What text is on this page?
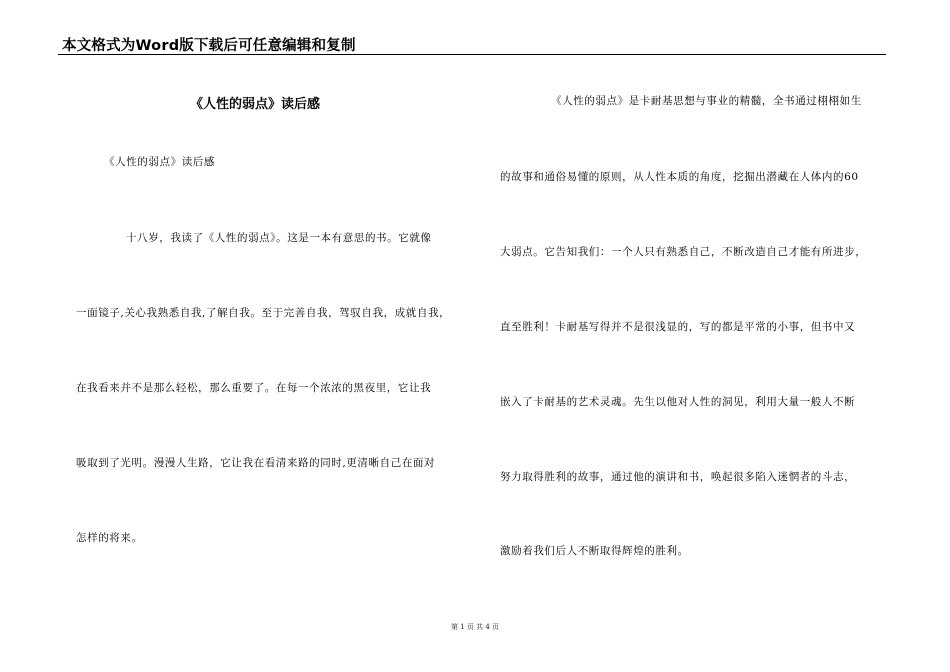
本文格式为Word版下载后可任意编辑和复制
《人性的弱点》读后感
《人性的弱点》读后感
十八岁，我读了《人性的弱点》。这是一本有意思的书。它就像
一面镜子,关心我熟悉自我,了解自我。至于完善自我，驾驭自我，成就自我，
在我看来并不是那么轻松，那么重要了。在每一个浓浓的黑夜里，它让我
吸取到了光明。漫漫人生路，它让我在看清来路的同时,更清晰自己在面对
怎样的将来。
《人性的弱点》是卡耐基思想与事业的精髓，全书通过栩栩如生
的故事和通俗易懂的原则，从人性本质的角度，挖掘出潜藏在人体内的60
大弱点。它告知我们：一个人只有熟悉自己，不断改造自己才能有所进步，
直至胜利！卡耐基写得并不是很浅显的，写的都是平常的小事，但书中又
嵌入了卡耐基的艺术灵魂。先生以他对人性的洞见，利用大量一般人不断
努力取得胜利的故事，通过他的演讲和书，唤起很多陷入迷惘者的斗志，
激励着我们后人不断取得辉煌的胜利。
第 1 页 共 4 页
